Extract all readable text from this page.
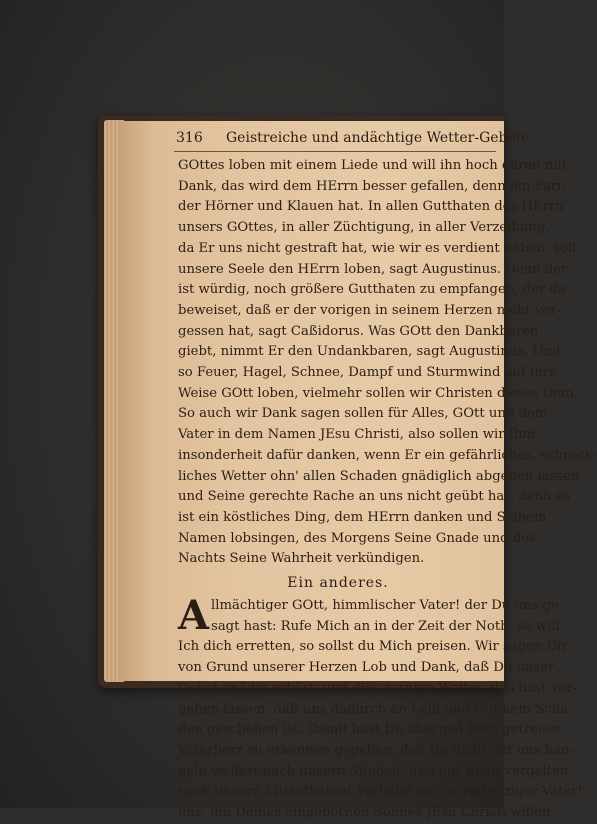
316 Geistreiche und andächtige Wetter-Gebete.
GOttes loben mit einem Liede und will ihn hoch ehren mit
Dank, das wird dem HErrn besser gefallen, denn ein Farr,
der Hörner und Klauen hat. In allen Gutthaten des HErrn
unsers GOttes, in aller Züchtigung, in aller Verzeihung,
da Er uns nicht gestraft hat, wie wir es verdient haben, soll
unsere Seele den HErrn loben, sagt Augustinus. Denn der
ist würdig, noch größere Gutthaten zu empfangen, der da
beweiset, daß er der vorigen in seinem Herzen nicht ver-
gessen hat, sagt Caßidorus. Was GOtt den Dankbaren
giebt, nimmt Er den Undankbaren, sagt Augustinus. Und
so Feuer, Hagel, Schnee, Dampf und Sturmwind auf ihre
Weise GOtt loben, vielmehr sollen wir Christen dieses thun.
So auch wir Dank sagen sollen für Alles, GOtt und dem
Vater in dem Namen JEsu Christi, also sollen wir Ihm
insonderheit dafür danken, wenn Er ein gefährliches, schreck-
liches Wetter ohn' allen Schaden gnädiglich abgehen lassen
und Seine gerechte Rache an uns nicht geübt hat: denn es
ist ein köstliches Ding, dem HErrn danken und Seinem
Namen lobsingen, des Morgens Seine Gnade und des
Nachts Seine Wahrheit verkündigen.
Ein anderes.
A llmächtiger GOtt, himmlischer Vater! der Du uns ge-
sagt hast: Rufe Mich an in der Zeit der Noth, so will
Ich dich erretten, so sollst du Mich preisen. Wir sagen Dir
von Grund unserer Herzen Lob und Dank, daß Du unser
Gebet gnädig erhört, und dies zornige Wetter also hast ver-
gehen lassen, daß uns dadurch an Leib und Gut kein Scha-
den geschehen ist. Damit hast Du abermal Dein getreues
Vaterherz zu erkennen gegeben, daß Du nicht mit uns han-
deln wollest nach unsern Sünden, und uns nicht vergelten
nach unsern Missethaten! Verleihe nur, barmherziger Vater!
uns, um Deines eingebornen Sohnes JEsu Christi willen,
